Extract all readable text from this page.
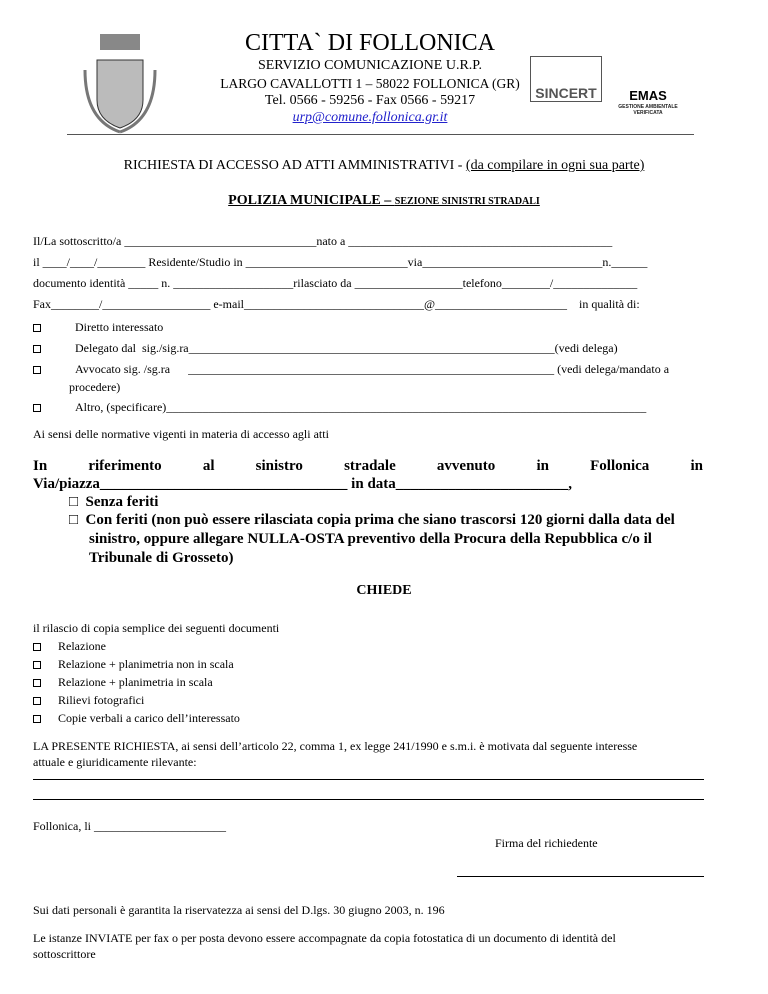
CITTA` DI FOLLONICA
SERVIZIO COMUNICAZIONE U.R.P.
LARGO CAVALLOTTI 1 – 58022 FOLLONICA (GR)
Tel. 0566 - 59256 - Fax 0566 - 59217
urp@comune.follonica.gr.it
SINCERT	EMAS
GESTIONE AMBIENTALE VERIFICATA
RICHIESTA DI ACCESSO AD ATTI AMMINISTRATIVI - (da compilare in ogni sua parte)
POLIZIA MUNICIPALE – SEZIONE SINISTRI STRADALI
Il/La sottoscritto/a ________________________________nato a ____________________________________________
il ____/____/________ Residente/Studio in ___________________________via______________________________n.______
documento identità _____ n. ____________________rilasciato da __________________telefono________/______________
Fax________/__________________ e-mail______________________________@______________________    in qualità di:
Diretto interessato
Delegato dal  sig./sig.ra_____________________________________________________________(vedi delega)
Avvocato sig. /sg.ra      _____________________________________________________________ (vedi delega/mandato a
procedere)
Altro, (specificare)________________________________________________________________________________
Ai sensi delle normative vigenti in materia di accesso agli atti
In	riferimento	al	sinistro	stradale	avvenuto	in	Follonica	in
Via/piazza_________________________________ in data_______________________,
□  Senza feriti
□  Con feriti (non può essere rilasciata copia prima che siano trascorsi 120 giorni dalla data del
sinistro, oppure allegare NULLA-OSTA preventivo della Procura della Repubblica c/o il
Tribunale di Grosseto)
CHIEDE
il rilascio di copia semplice dei seguenti documenti
Relazione
Relazione + planimetria non in scala
Relazione + planimetria in scala
Rilievi fotografici
Copie verbali a carico dell’interessato
LA PRESENTE RICHIESTA, ai sensi dell’articolo 22, comma 1, ex legge 241/1990 e s.m.i. è motivata dal seguente interesse
attuale e giuridicamente rilevante:
Follonica, li ______________________
Firma del richiedente
Sui dati personali è garantita la riservatezza ai sensi del D.lgs. 30 giugno 2003, n. 196
Le istanze INVIATE per fax o per posta devono essere accompagnate da copia fotostatica di un documento di identità del
sottoscrittore
